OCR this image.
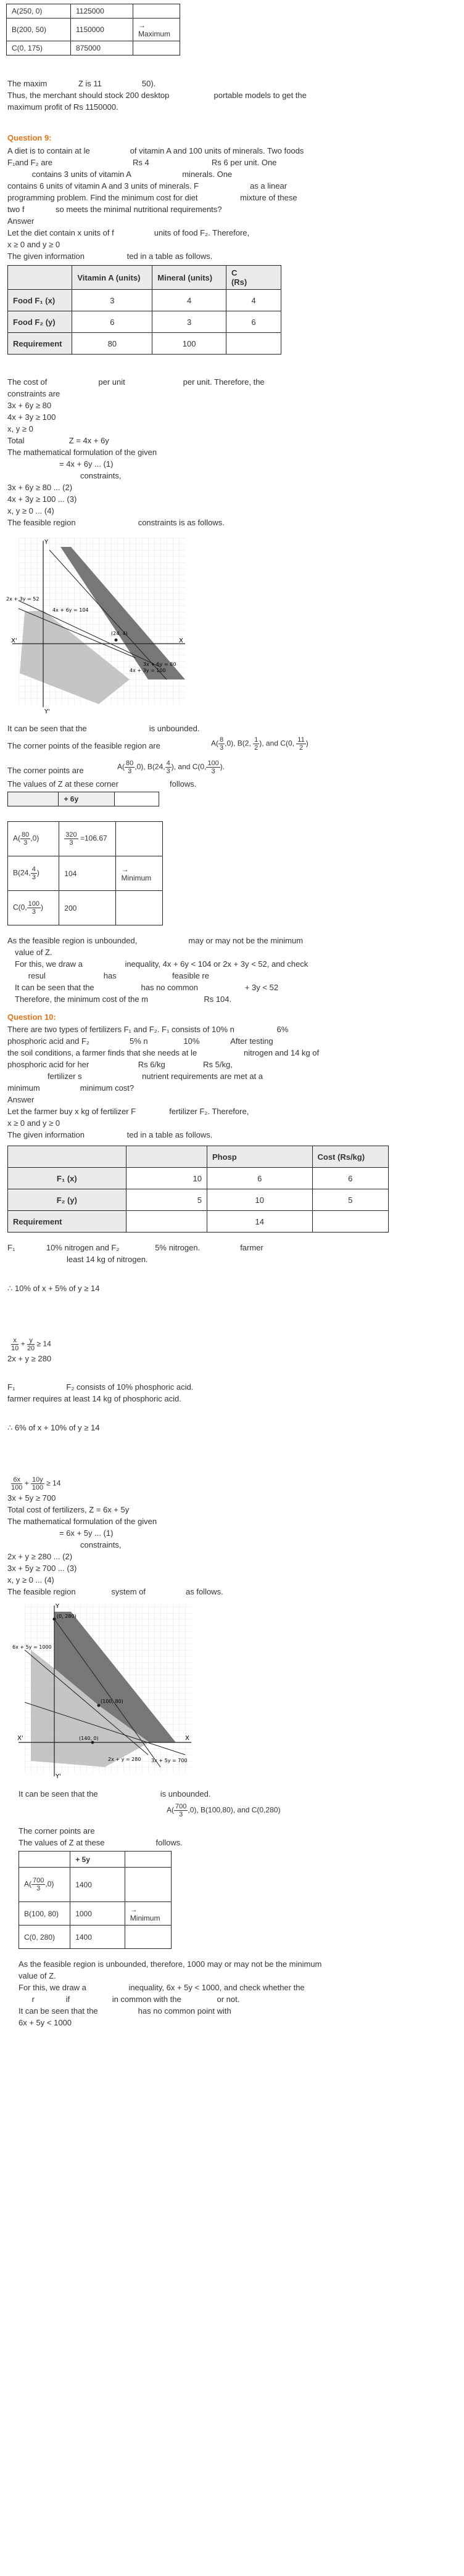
A(250, 0)	1125000	
B(200, 50)	1150000	→ Maximum
C(0, 175)	875000	
The maxim              Z is 11                  50).
Thus, the merchant should stock 200 desktop                    portable models to get the
maximum profit of Rs 1150000.
Question 9:
A diet is to contain at le                  of vitamin A and 100 units of minerals. Two foods
F₁and F₂ are                                    Rs 4                            Rs 6 per unit. One
contains 3 units of vitamin A                       minerals. One
contains 6 units of vitamin A and 3 units of minerals. F                       as a linear
programming problem. Find the minimum cost for diet                   mixture of these
two f              so meets the minimal nutritional requirements?
Answer
Let the diet contain x units of f                  units of food F₂. Therefore,
x ≥ 0 and y ≥ 0
The given information                   ted in a table as follows.
	Vitamin A (units)	Mineral (units)	C
(Rs)
Food F₁ (x)	3	4	4
Food F₂ (y)	6	3	6
Requirement	80	100	
The cost of                       per unit                          per unit. Therefore, the
constraints are
3x + 6y ≥ 80
4x + 3y ≥ 100
x, y ≥ 0
Total                    Z = 4x + 6y
The mathematical formulation of the given
= 4x + 6y ... (1)
constraints,
3x + 6y ≥ 80 ... (2)
4x + 3y ≥ 100 ... (3)
x, y ≥ 0 ... (4)
The feasible region                            constraints is as follows.
Y
X'	X
Y'
2x + 3y = 52
4x + 6y = 104
4x + 3y = 100
3x + 6y = 80
(24, 4)
It can be seen that the                            is unbounded.
The corner points of the feasible region are	$A( \frac{8}{3} ,0)$, B(2, $\frac{1}{2}$ ), and C(0, $\frac{11}{2}$ )
The corner points are	$A( \frac{80}{3} ,0)$, B(24, $\frac{4}{3}$ ), and C(0, $\frac{100}{3}$ ).
The values of Z at these corner                       follows.
	+ 6y	
$A( \frac{80}{3} ,0)$	$\frac{320}{3} =106.67$	
B(24, $\frac{4}{3}$ )	104	→ Minimum
C(0, $\frac{100}{3}$ )	200	
As the feasible region is unbounded,                       may or may not be the minimum
value of Z.
For this, we draw a                   inequality, 4x + 6y < 104 or 2x + 3y < 52, and check
resul                          has                         feasible re
It can be seen that the                     has no common                     + 3y < 52
Therefore, the minimum cost of the m                         Rs 104.
Question 10:
There are two types of fertilizers F₁ and F₂. F₁ consists of 10% n                   6%
phosphoric acid and F₂                  5% n                10%              After testing
the soil conditions, a farmer finds that she needs at le                     nitrogen and 14 kg of
phosphoric acid for her                      Rs 6/kg                 Rs 5/kg,
fertilizer s                           nutrient requirements are met at a
minimum                  minimum cost?
Answer
Let the farmer buy x kg of fertilizer F               fertilizer F₂. Therefore,
x ≥ 0 and y ≥ 0
The given information                   ted in a table as follows.
		Phosp	Cost (Rs/kg)
F₁ (x)	10	6	6
F₂ (y)	5	10	5
Requirement		14	
F₁              10% nitrogen and F₂                5% nitrogen.                  farmer
least 14 kg of nitrogen.
∴ 10% of x + 5% of y ≥ 14
$\frac{x}{10} + \frac{y}{20} \ge 14$
2x + y ≥ 280
F₁                       F₂ consists of 10% phosphoric acid.
farmer requires at least 14 kg of phosphoric acid.
∴ 6% of x + 10% of y ≥ 14
$\frac{6x}{100} + \frac{10y}{100} \ge 14$
3x + 5y ≥ 700
Total cost of fertilizers, Z = 6x + 5y
The mathematical formulation of the given
= 6x + 5y ... (1)
constraints,
2x + y ≥ 280 ... (2)
3x + 5y ≥ 700 ... (3)
x, y ≥ 0 ... (4)
The feasible region                system of                  as follows.
Y
X'	X
Y'
6x + 5y = 1000
2x + y = 280 3x + 5y = 700
(0, 280)
(100, 80)
(140, 0)
It can be seen that the                            is unbounded.
$A( \frac{700}{3} ,0)$, B(100,80), and C(0,280)
The corner points are
The values of Z at these                       follows.
	+ 5y	
$A( \frac{700}{3} ,0)$	1400	
B(100, 80)	1000	→ Minimum
C(0, 280)	1400	
As the feasible region is unbounded, therefore, 1000 may or may not be the minimum
value of Z.
For this, we draw a                   inequality, 6x + 5y < 1000, and check whether the
r              if                   in common with the                or not.
It can be seen that the                  has no common point with
6x + 5y < 1000
